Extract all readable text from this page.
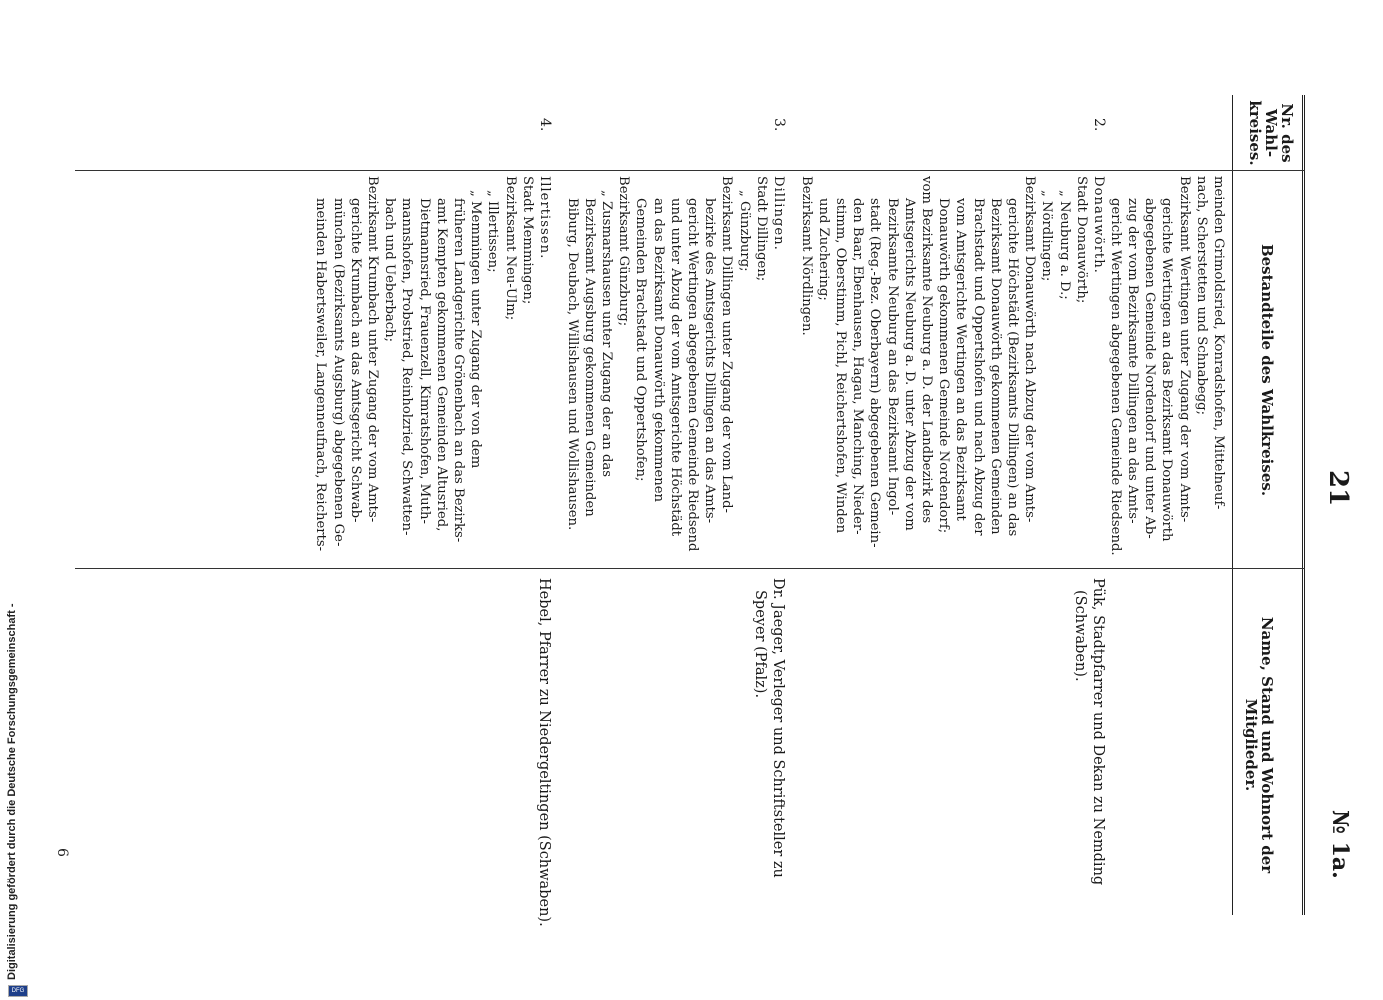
21
№ 1a.
Nr. des Wahl-kreises.
Bestandteile des Wahlkreises.
Name, Stand und Wohnort der Mitglieder.
meinden Grimoldsried, Konradshofen, Mittelneuf-
nach, Scherstetten und Schnabegg;
Bezirksamt Wertingen unter Zugang der vom Amts-
gerichte Wertingen an das Bezirksamt Donauwörth
abgegebenen Gemeinde Nordendorf und unter Ab-
zug der vom Bezirksamte Dillingen an das Amts-
gericht Wertingen abgegebenen Gemeinde Riedsend.
2.
Donauwörth.
Stadt Donauwörth;
„ Neuburg a. D.;
„ Nördlingen;
Bezirksamt Donauwörth nach Abzug der vom Amts-
gerichte Höchstädt (Bezirksamts Dillingen) an das
Bezirksamt Donauwörth gekommenen Gemeinden
Brachstadt und Oppertshofen und nach Abzug der
vom Amtsgerichte Wertingen an das Bezirksamt
Donauwörth gekommenen Gemeinde Nordendorf;
vom Bezirksamte Neuburg a. D. der Landbezirk des
Amtsgerichts Neuburg a. D. unter Abzug der vom
Bezirksamte Neuburg an das Bezirksamt Ingol-
stadt (Reg.-Bez. Oberbayern) abgegebenen Gemein-
den Baar, Ebenhausen, Hagau, Manching, Nieder-
stimm, Oberstimm, Pichl, Reichertshofen, Winden
und Zuchering;
Bezirksamt Nördlingen.
Pük, Stadtpfarrer und Dekan zu Nemding
(Schwaben).
3.
Dillingen.
Stadt Dillingen;
„ Günzburg;
Bezirksamt Dillingen unter Zugang der vom Land-
bezirke des Amtsgerichts Dillingen an das Amts-
gericht Wertingen abgegebenen Gemeinde Riedsend
und unter Abzug der vom Amtsgerichte Höchstädt
an das Bezirksamt Donauwörth gekommenen
Gemeinden Brachstadt und Oppertshofen;
Bezirksamt Günzburg;
„ Zusmarshausen unter Zugang der an das
Bezirksamt Augsburg gekommenen Gemeinden
Biburg, Deubach, Willishausen und Wollishausen.
Dr. Jaeger, Verleger und Schriftsteller zu
Speyer (Pfalz).
4.
Illertissen.
Stadt Memmingen;
Bezirksamt Neu-Ulm;
„ Illertissen;
„ Memmingen unter Zugang der von dem
früheren Landgerichte Grönenbach an das Bezirks-
amt Kempten gekommenen Gemeinden Altusried,
Dietmannsried, Frauenzell, Kimratshofen, Muth-
mannshofen, Probstried, Reinholzried, Schwatten-
bach und Ueberbach;
Bezirksamt Krumbach unter Zugang der vom Amts-
gerichte Krumbach an das Amtsgericht Schwab-
münchen (Bezirksamts Augsburg) abgegebenen Ge-
meinden Habertsweiler, Langenneufnach, Reicherts-
Hebel, Pfarrer zu Niedergeltingen (Schwaben).
6
Digitalisierung gefördert durch die Deutsche Forschungsgemeinschaft -
DFG
